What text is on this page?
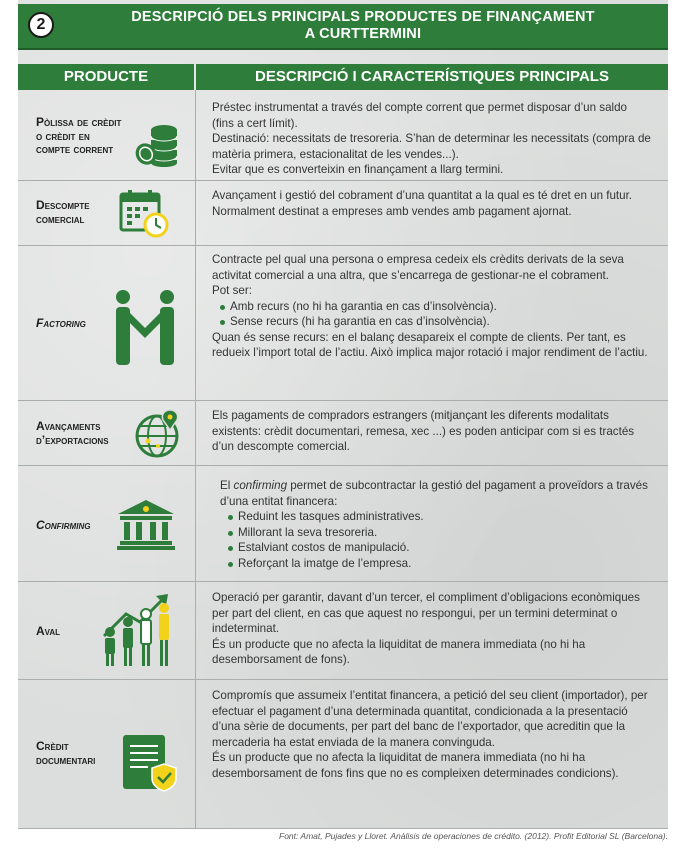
2	DESCRIPCIÓ DELS PRINCIPALS PRODUCTES DE FINANÇAMENT
A CURTTERMINI
PRODUCTE	DESCRIPCIÓ I CARACTERÍSTIQUES PRINCIPALS
Pòlissa de crèdit
o crèdit en
compte corrent

Préstec instrumentat a través del compte corrent que permet disposar d’un saldo (fins a cert límit).

Destinació: necessitats de tresoreria. S’han de determinar les necessitats (compra de matèria primera, estacionalitat de les vendes...).

Evitar que es converteixin en finançament a llarg termini.

Descompte
comercial

Avançament i gestió del cobrament d’una quantitat a la qual es té dret en un futur.

Normalment destinat a empreses amb vendes amb pagament ajornat.

Factoring

Contracte pel qual una persona o empresa cedeix els crèdits derivats de la seva activitat comercial a una altra, que s’encarrega de gestionar-ne el cobrament.

Pot ser:

Amb recurs (no hi ha garantia en cas d’insolvència).
Sense recurs (hi ha garantia en cas d’insolvència).

Quan és sense recurs: en el balanç desapareix el compte de clients. Per tant, es redueix l’import total de l’actiu. Això implica major rotació i major rendiment de l’actiu.

Avançaments
d’exportacions

Els pagaments de compradors estrangers (mitjançant les diferents modalitats existents: crèdit documentari, remesa, xec ...) es poden anticipar com si es tractés d’un descompte comercial.

Confirming

El confirming permet de subcontractar la gestió del pagament a proveïdors a través d’una entitat financera:

Reduint les tasques administratives.
Millorant la seva tresoreria.
Estalviant costos de manipulació.
Reforçant la imatge de l’empresa.
Aval

Operació per garantir, davant d’un tercer, el compliment d’obligacions econòmiques per part del client, en cas que aquest no respongui, per un termini determinat o indeterminat.

És un producte que no afecta la liquiditat de manera immediata (no hi ha desemborsament de fons).

Crèdit
documentari

Compromís que assumeix l’entitat financera, a petició del seu client (importador), per efectuar el pagament d’una determinada quantitat, condicionada a la presentació d’una sèrie de documents, per part del banc de l’exportador, que acreditin que la mercaderia ha estat enviada de la manera convinguda.

És un producte que no afecta la liquiditat de manera immediata (no hi ha desemborsament de fons fins que no es compleixen determinades condicions).

Font: Amat, Pujades y Lloret. Anàlisis de operaciones de crédito. (2012). Profit Editorial SL (Barcelona).
